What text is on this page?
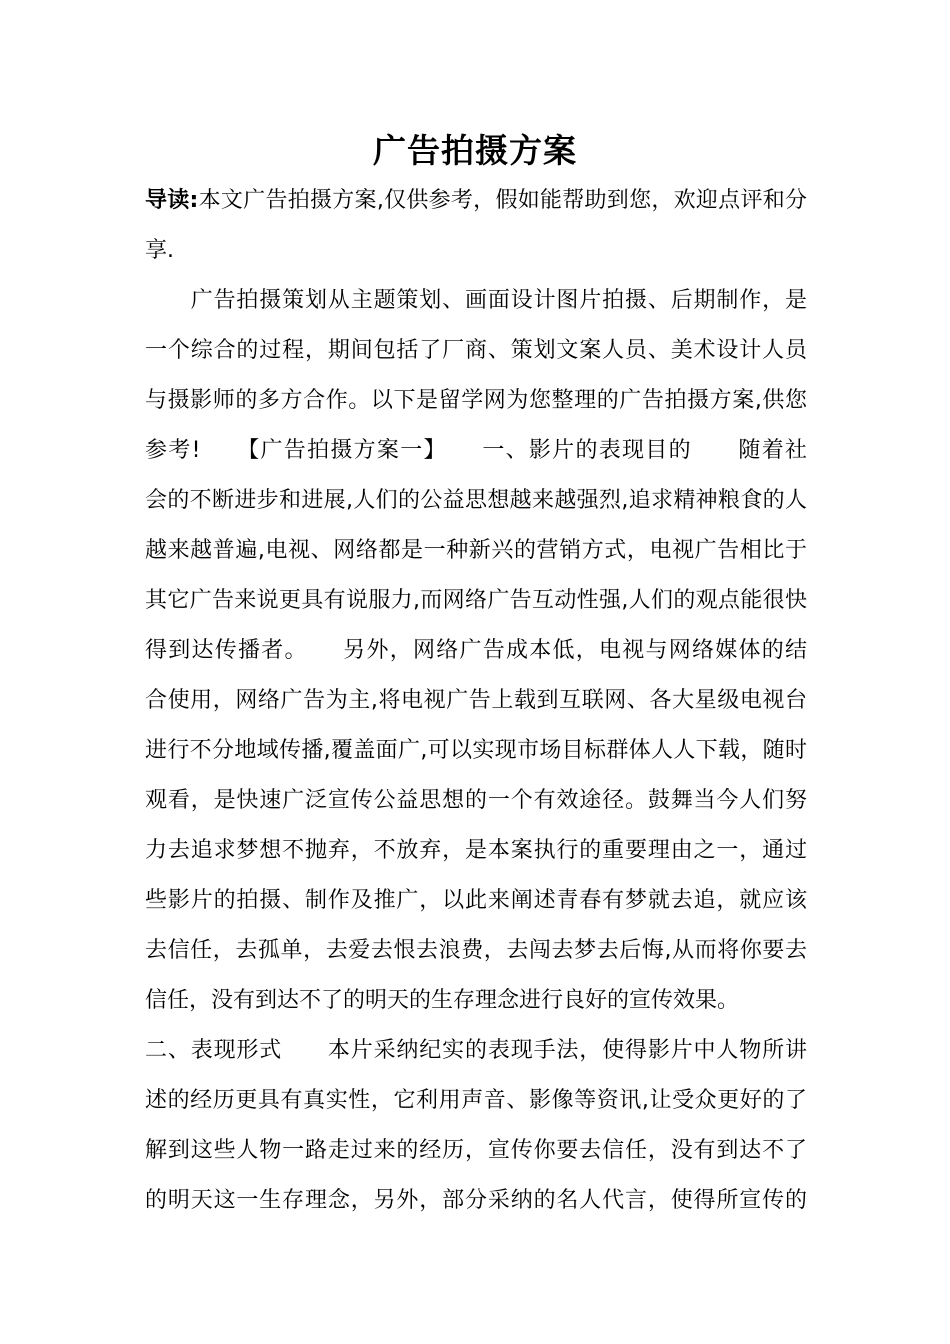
广告拍摄方案
导读:本文广告拍摄方案,仅供参考，假如能帮助到您，欢迎点评和分
享.
　　广告拍摄策划从主题策划、画面设计图片拍摄、后期制作，是
一个综合的过程，期间包括了厂商、策划文案人员、美术设计人员
与摄影师的多方合作。以下是留学网为您整理的广告拍摄方案,供您
参考!　　【广告拍摄方案一】　　一、影片的表现目的　　随着社
会的不断进步和进展,人们的公益思想越来越强烈,追求精神粮食的人
越来越普遍,电视、网络都是一种新兴的营销方式，电视广告相比于
其它广告来说更具有说服力,而网络广告互动性强,人们的观点能很快
得到达传播者。　　另外，网络广告成本低，电视与网络媒体的结
合使用，网络广告为主,将电视广告上载到互联网、各大星级电视台
进行不分地域传播,覆盖面广,可以实现市场目标群体人人下载，随时
观看，是快速广泛宣传公益思想的一个有效途径。鼓舞当今人们努
力去追求梦想不抛弃，不放弃，是本案执行的重要理由之一，通过
些影片的拍摄、制作及推广，以此来阐述青春有梦就去追，就应该
去信任，去孤单，去爱去恨去浪费，去闯去梦去后悔,从而将你要去
信任，没有到达不了的明天的生存理念进行良好的宣传效果。
二、表现形式　　本片采纳纪实的表现手法，使得影片中人物所讲
述的经历更具有真实性，它利用声音、影像等资讯,让受众更好的了
解到这些人物一路走过来的经历，宣传你要去信任，没有到达不了
的明天这一生存理念，另外，部分采纳的名人代言，使得所宣传的
